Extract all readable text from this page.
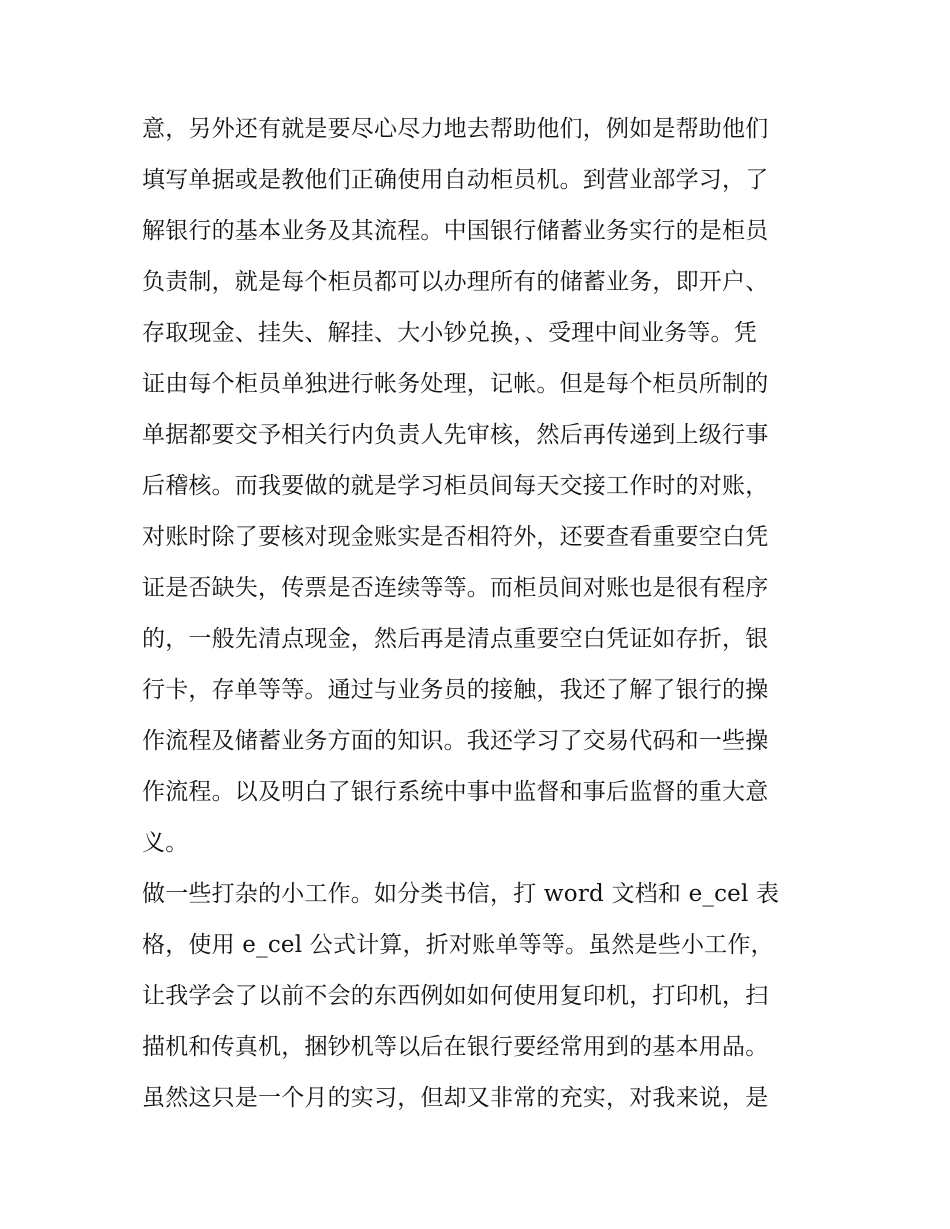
意，另外还有就是要尽心尽力地去帮助他们，例如是帮助他们
填写单据或是教他们正确使用自动柜员机。到营业部学习，了
解银行的基本业务及其流程。中国银行储蓄业务实行的是柜员
负责制，就是每个柜员都可以办理所有的储蓄业务，即开户、
存取现金、挂失、解挂、大小钞兑换，、受理中间业务等。凭
证由每个柜员单独进行帐务处理，记帐。但是每个柜员所制的
单据都要交予相关行内负责人先审核，然后再传递到上级行事
后稽核。而我要做的就是学习柜员间每天交接工作时的对账，
对账时除了要核对现金账实是否相符外，还要查看重要空白凭
证是否缺失，传票是否连续等等。而柜员间对账也是很有程序
的，一般先清点现金，然后再是清点重要空白凭证如存折，银
行卡，存单等等。通过与业务员的接触，我还了解了银行的操
作流程及储蓄业务方面的知识。我还学习了交易代码和一些操
作流程。以及明白了银行系统中事中监督和事后监督的重大意
义。
做一些打杂的小工作。如分类书信，打 word 文档和 e_cel 表
格，使用 e_cel 公式计算，折对账单等等。虽然是些小工作，
让我学会了以前不会的东西例如如何使用复印机，打印机，扫
描机和传真机，捆钞机等以后在银行要经常用到的基本用品。
虽然这只是一个月的实习，但却又非常的充实，对我来说，是
